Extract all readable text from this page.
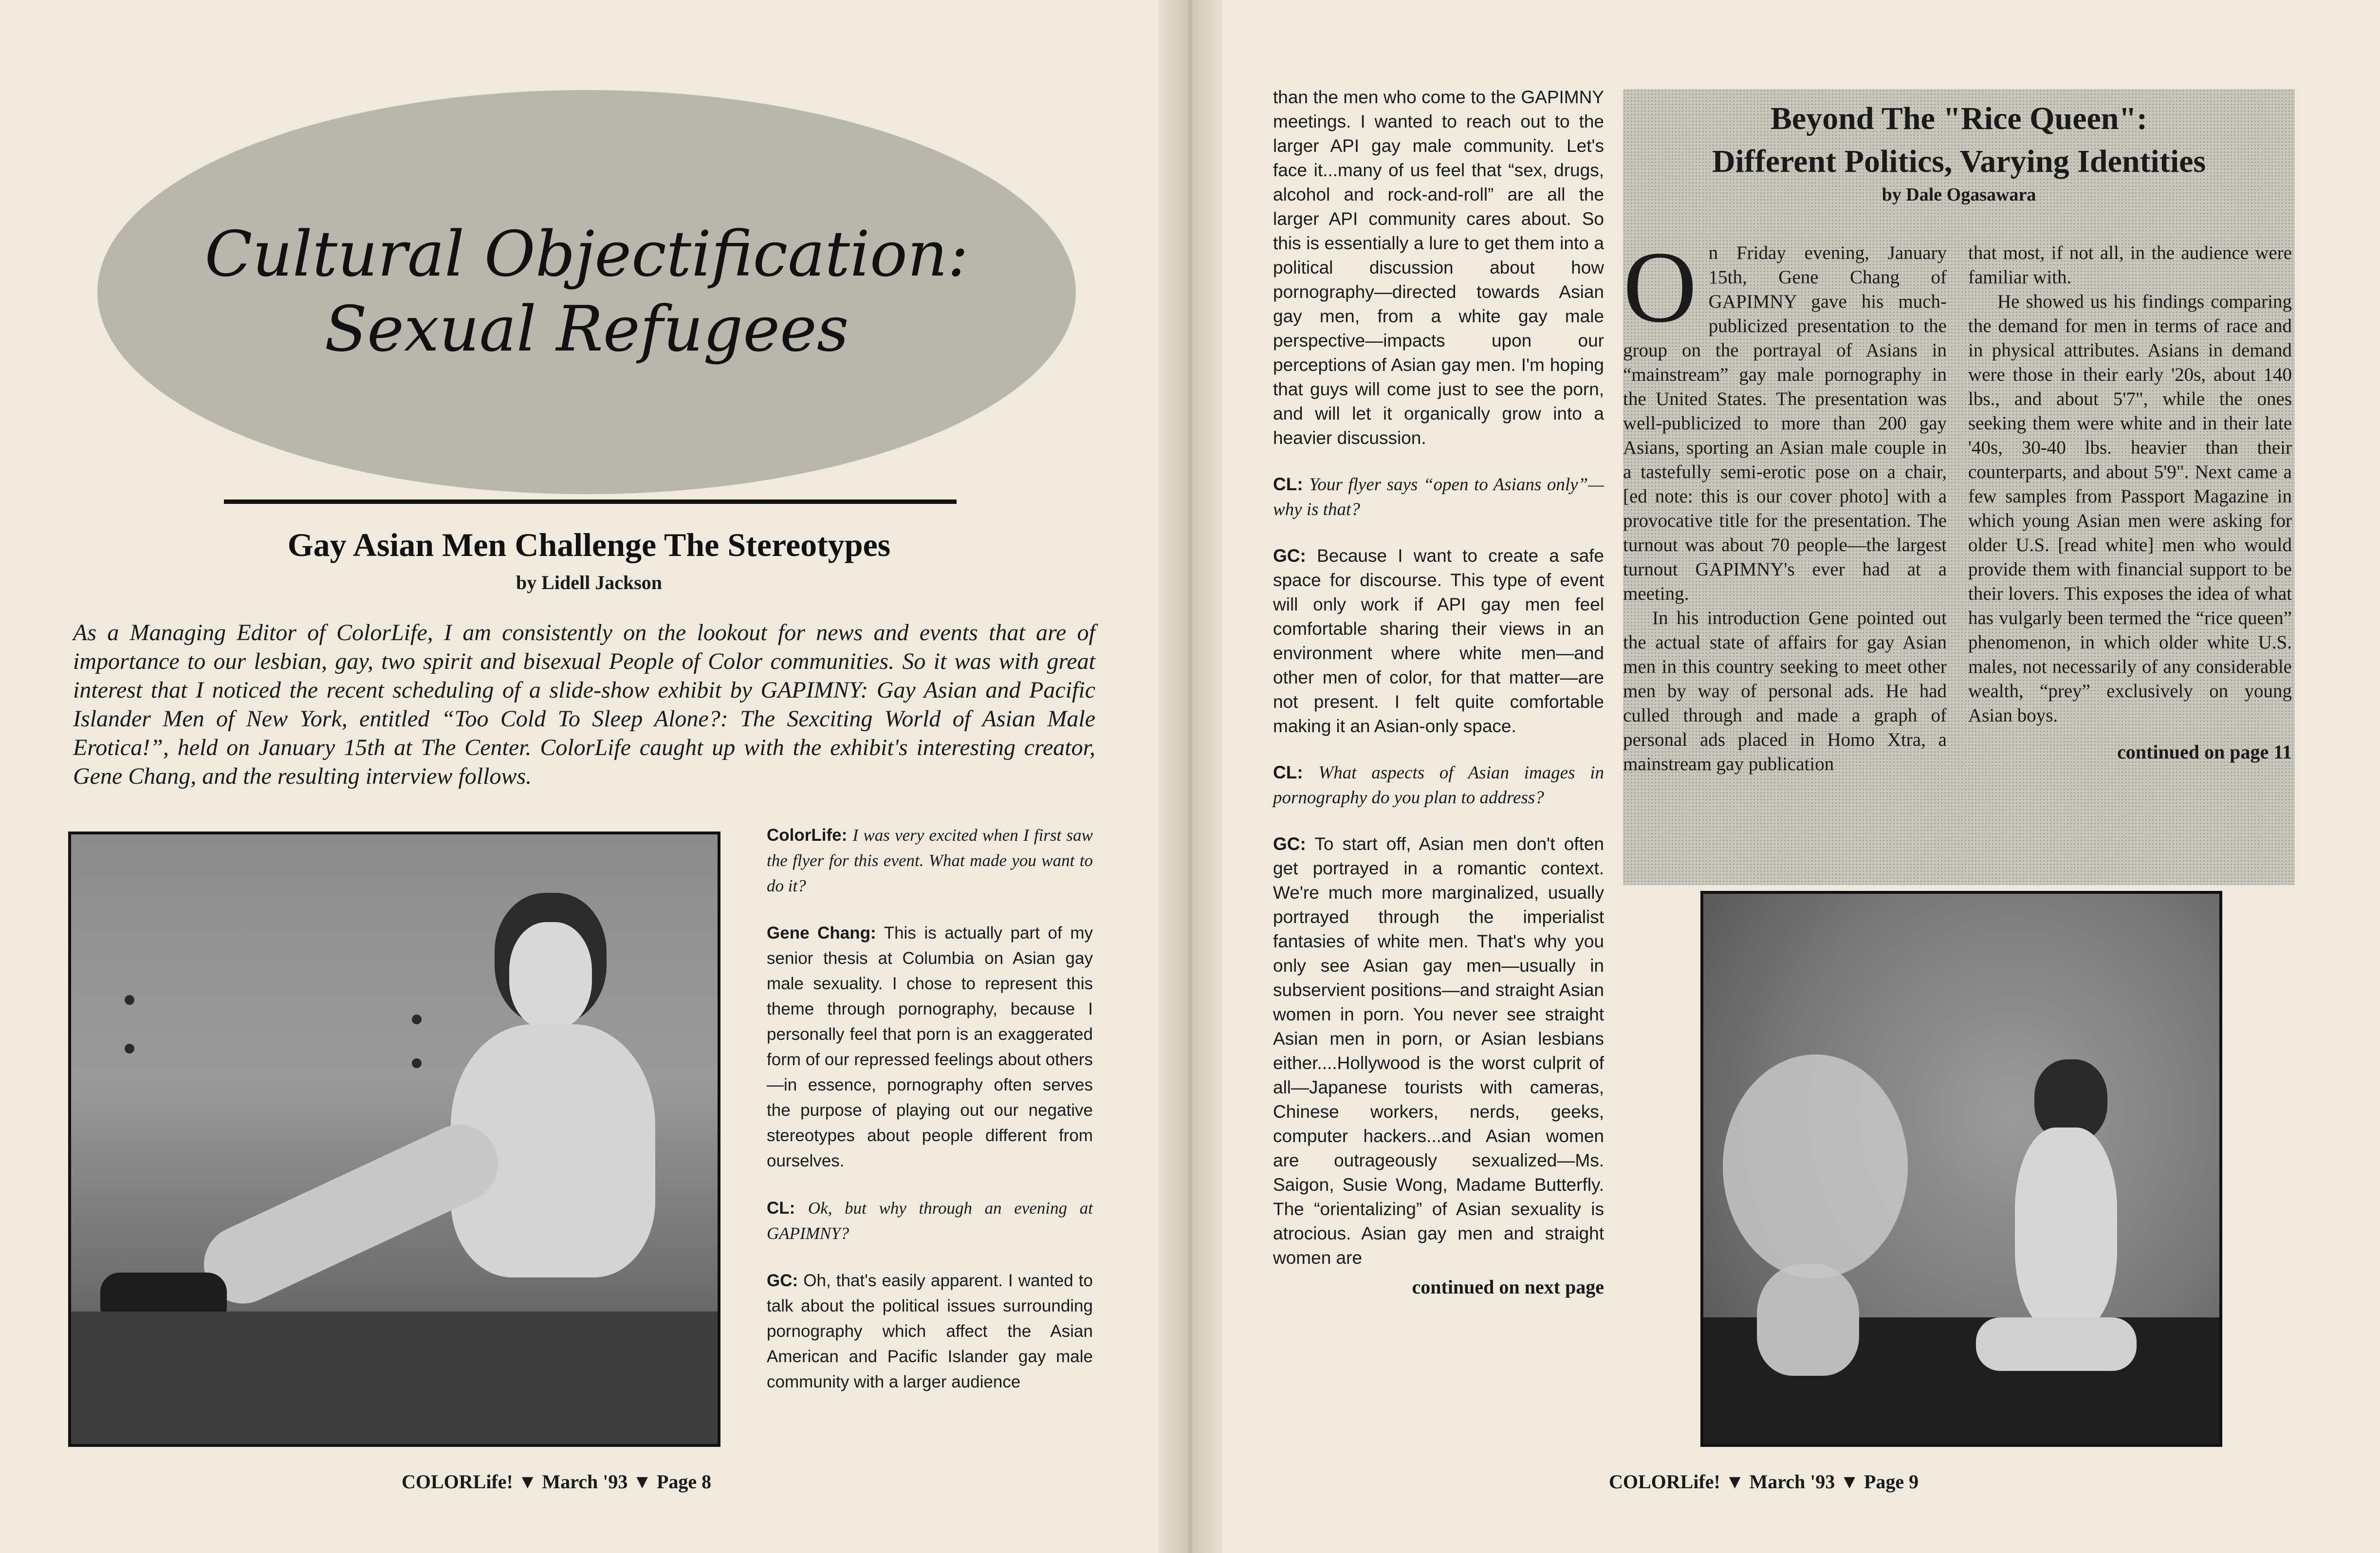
Cultural Objectification:
Sexual Refugees
Gay Asian Men Challenge The Stereotypes
by Lidell Jackson
As a Managing Editor of ColorLife, I am consistently on the lookout for news and events that are of importance to our lesbian, gay, two spirit and bisexual People of Color communities. So it was with great interest that I noticed the recent scheduling of a slide-show exhibit by GAPIMNY: Gay Asian and Pacific Islander Men of New York, entitled “Too Cold To Sleep Alone?: The Sexciting World of Asian Male Erotica!”, held on January 15th at The Center. ColorLife caught up with the exhibit's interesting creator, Gene Chang, and the resulting interview follows.

ColorLife: I was very excited when I first saw the flyer for this event. What made you want to do it?

Gene Chang: This is actually part of my senior thesis at Columbia on Asian gay male sexuality. I chose to represent this theme through pornography, because I personally feel that porn is an exaggerated form of our repressed feelings about others—in essence, pornography often serves the purpose of playing out our negative stereotypes about people different from ourselves.

CL: Ok, but why through an evening at GAPIMNY?

GC: Oh, that's easily apparent. I wanted to talk about the political issues surrounding pornography which affect the Asian American and Pacific Islander gay male community with a larger audience

COLORLife! ▼ March '93 ▼ Page 8

than the men who come to the GAPIMNY meetings. I wanted to reach out to the larger API gay male community. Let's face it...many of us feel that “sex, drugs, alcohol and rock-and-roll” are all the larger API community cares about. So this is essentially a lure to get them into a political discussion about how pornography—directed towards Asian gay men, from a white gay male perspective—impacts upon our perceptions of Asian gay men. I'm hoping that guys will come just to see the porn, and will let it organically grow into a heavier discussion.

CL: Your flyer says “open to Asians only”—why is that?

GC: Because I want to create a safe space for discourse. This type of event will only work if API gay men feel comfortable sharing their views in an environment where white men—and other men of color, for that matter—are not present. I felt quite comfortable making it an Asian-only space.

CL: What aspects of Asian images in pornography do you plan to address?

GC: To start off, Asian men don't often get portrayed in a romantic context. We're much more marginalized, usually portrayed through the imperialist fantasies of white men. That's why you only see Asian gay men—usually in subservient positions—and straight Asian women in porn. You never see straight Asian men in porn, or Asian lesbians either....Hollywood is the worst culprit of all—Japanese tourists with cameras, Chinese workers, nerds, geeks, computer hackers...and Asian women are outrageously sexualized—Ms. Saigon, Susie Wong, Madame Butterfly. The “orientalizing” of Asian sexuality is atrocious. Asian gay men and straight women are

continued on next page
Beyond The "Rice Queen":
Different Politics, Varying Identities
by Dale Ogasawara

On Friday evening, January 15th, Gene Chang of GAPIMNY gave his much-publicized presentation to the group on the portrayal of Asians in “mainstream” gay male pornography in the United States. The presentation was well-publicized to more than 200 gay Asians, sporting an Asian male couple in a tastefully semi-erotic pose on a chair, [ed note: this is our cover photo] with a provocative title for the presentation. The turnout was about 70 people—the largest turnout GAPIMNY's ever had at a meeting.

In his introduction Gene pointed out the actual state of affairs for gay Asian men in this country seeking to meet other men by way of personal ads. He had culled through and made a graph of personal ads placed in Homo Xtra, a mainstream gay publication

that most, if not all, in the audience were familiar with.

He showed us his findings comparing the demand for men in terms of race and in physical attributes. Asians in demand were those in their early '20s, about 140 lbs., and about 5'7", while the ones seeking them were white and in their late '40s, 30-40 lbs. heavier than their counterparts, and about 5'9". Next came a few samples from Passport Magazine in which young Asian men were asking for older U.S. [read white] men who would provide them with financial support to be their lovers. This exposes the idea of what has vulgarly been termed the “rice queen” phenomenon, in which older white U.S. males, not necessarily of any considerable wealth, “prey” exclusively on young Asian boys.

continued on page 11
COLORLife! ▼ March '93 ▼ Page 9
